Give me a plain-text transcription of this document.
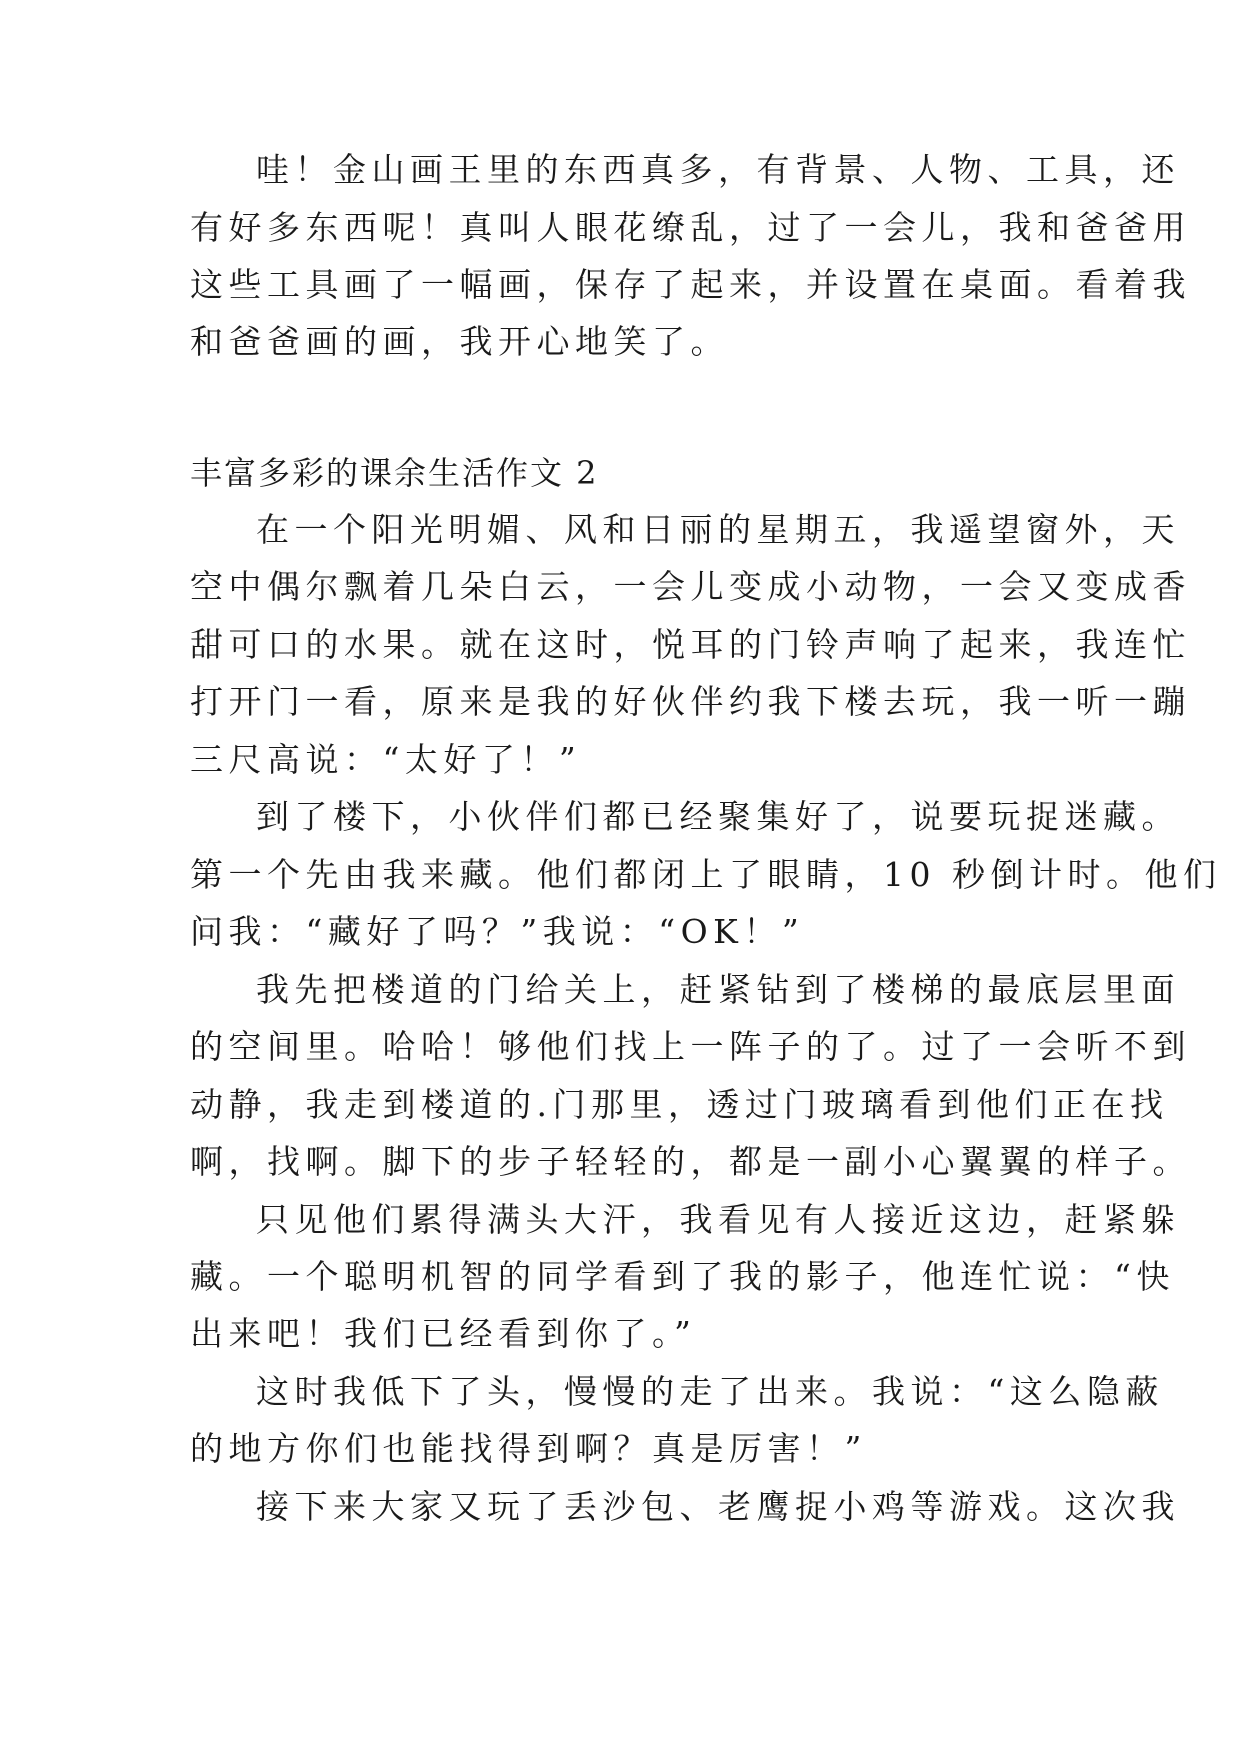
哇！金山画王里的东西真多，有背景、人物、工具，还
有好多东西呢！真叫人眼花缭乱，过了一会儿，我和爸爸用
这些工具画了一幅画，保存了起来，并设置在桌面。看着我
和爸爸画的画，我开心地笑了。
丰富多彩的课余生活作文 2
在一个阳光明媚、风和日丽的星期五，我遥望窗外，天
空中偶尔飘着几朵白云，一会儿变成小动物，一会又变成香
甜可口的水果。就在这时，悦耳的门铃声响了起来，我连忙
打开门一看，原来是我的好伙伴约我下楼去玩，我一听一蹦
三尺高说：“太好了！”
到了楼下，小伙伴们都已经聚集好了，说要玩捉迷藏。
第一个先由我来藏。他们都闭上了眼睛，10 秒倒计时。他们
问我：“藏好了吗？”我说：“OK！”
我先把楼道的门给关上，赶紧钻到了楼梯的最底层里面
的空间里。哈哈！够他们找上一阵子的了。过了一会听不到
动静，我走到楼道的.门那里，透过门玻璃看到他们正在找
啊，找啊。脚下的步子轻轻的，都是一副小心翼翼的样子。
只见他们累得满头大汗，我看见有人接近这边，赶紧躲
藏。一个聪明机智的同学看到了我的影子，他连忙说：“快
出来吧！我们已经看到你了。”
这时我低下了头，慢慢的走了出来。我说：“这么隐蔽
的地方你们也能找得到啊？真是厉害！”
接下来大家又玩了丢沙包、老鹰捉小鸡等游戏。这次我
